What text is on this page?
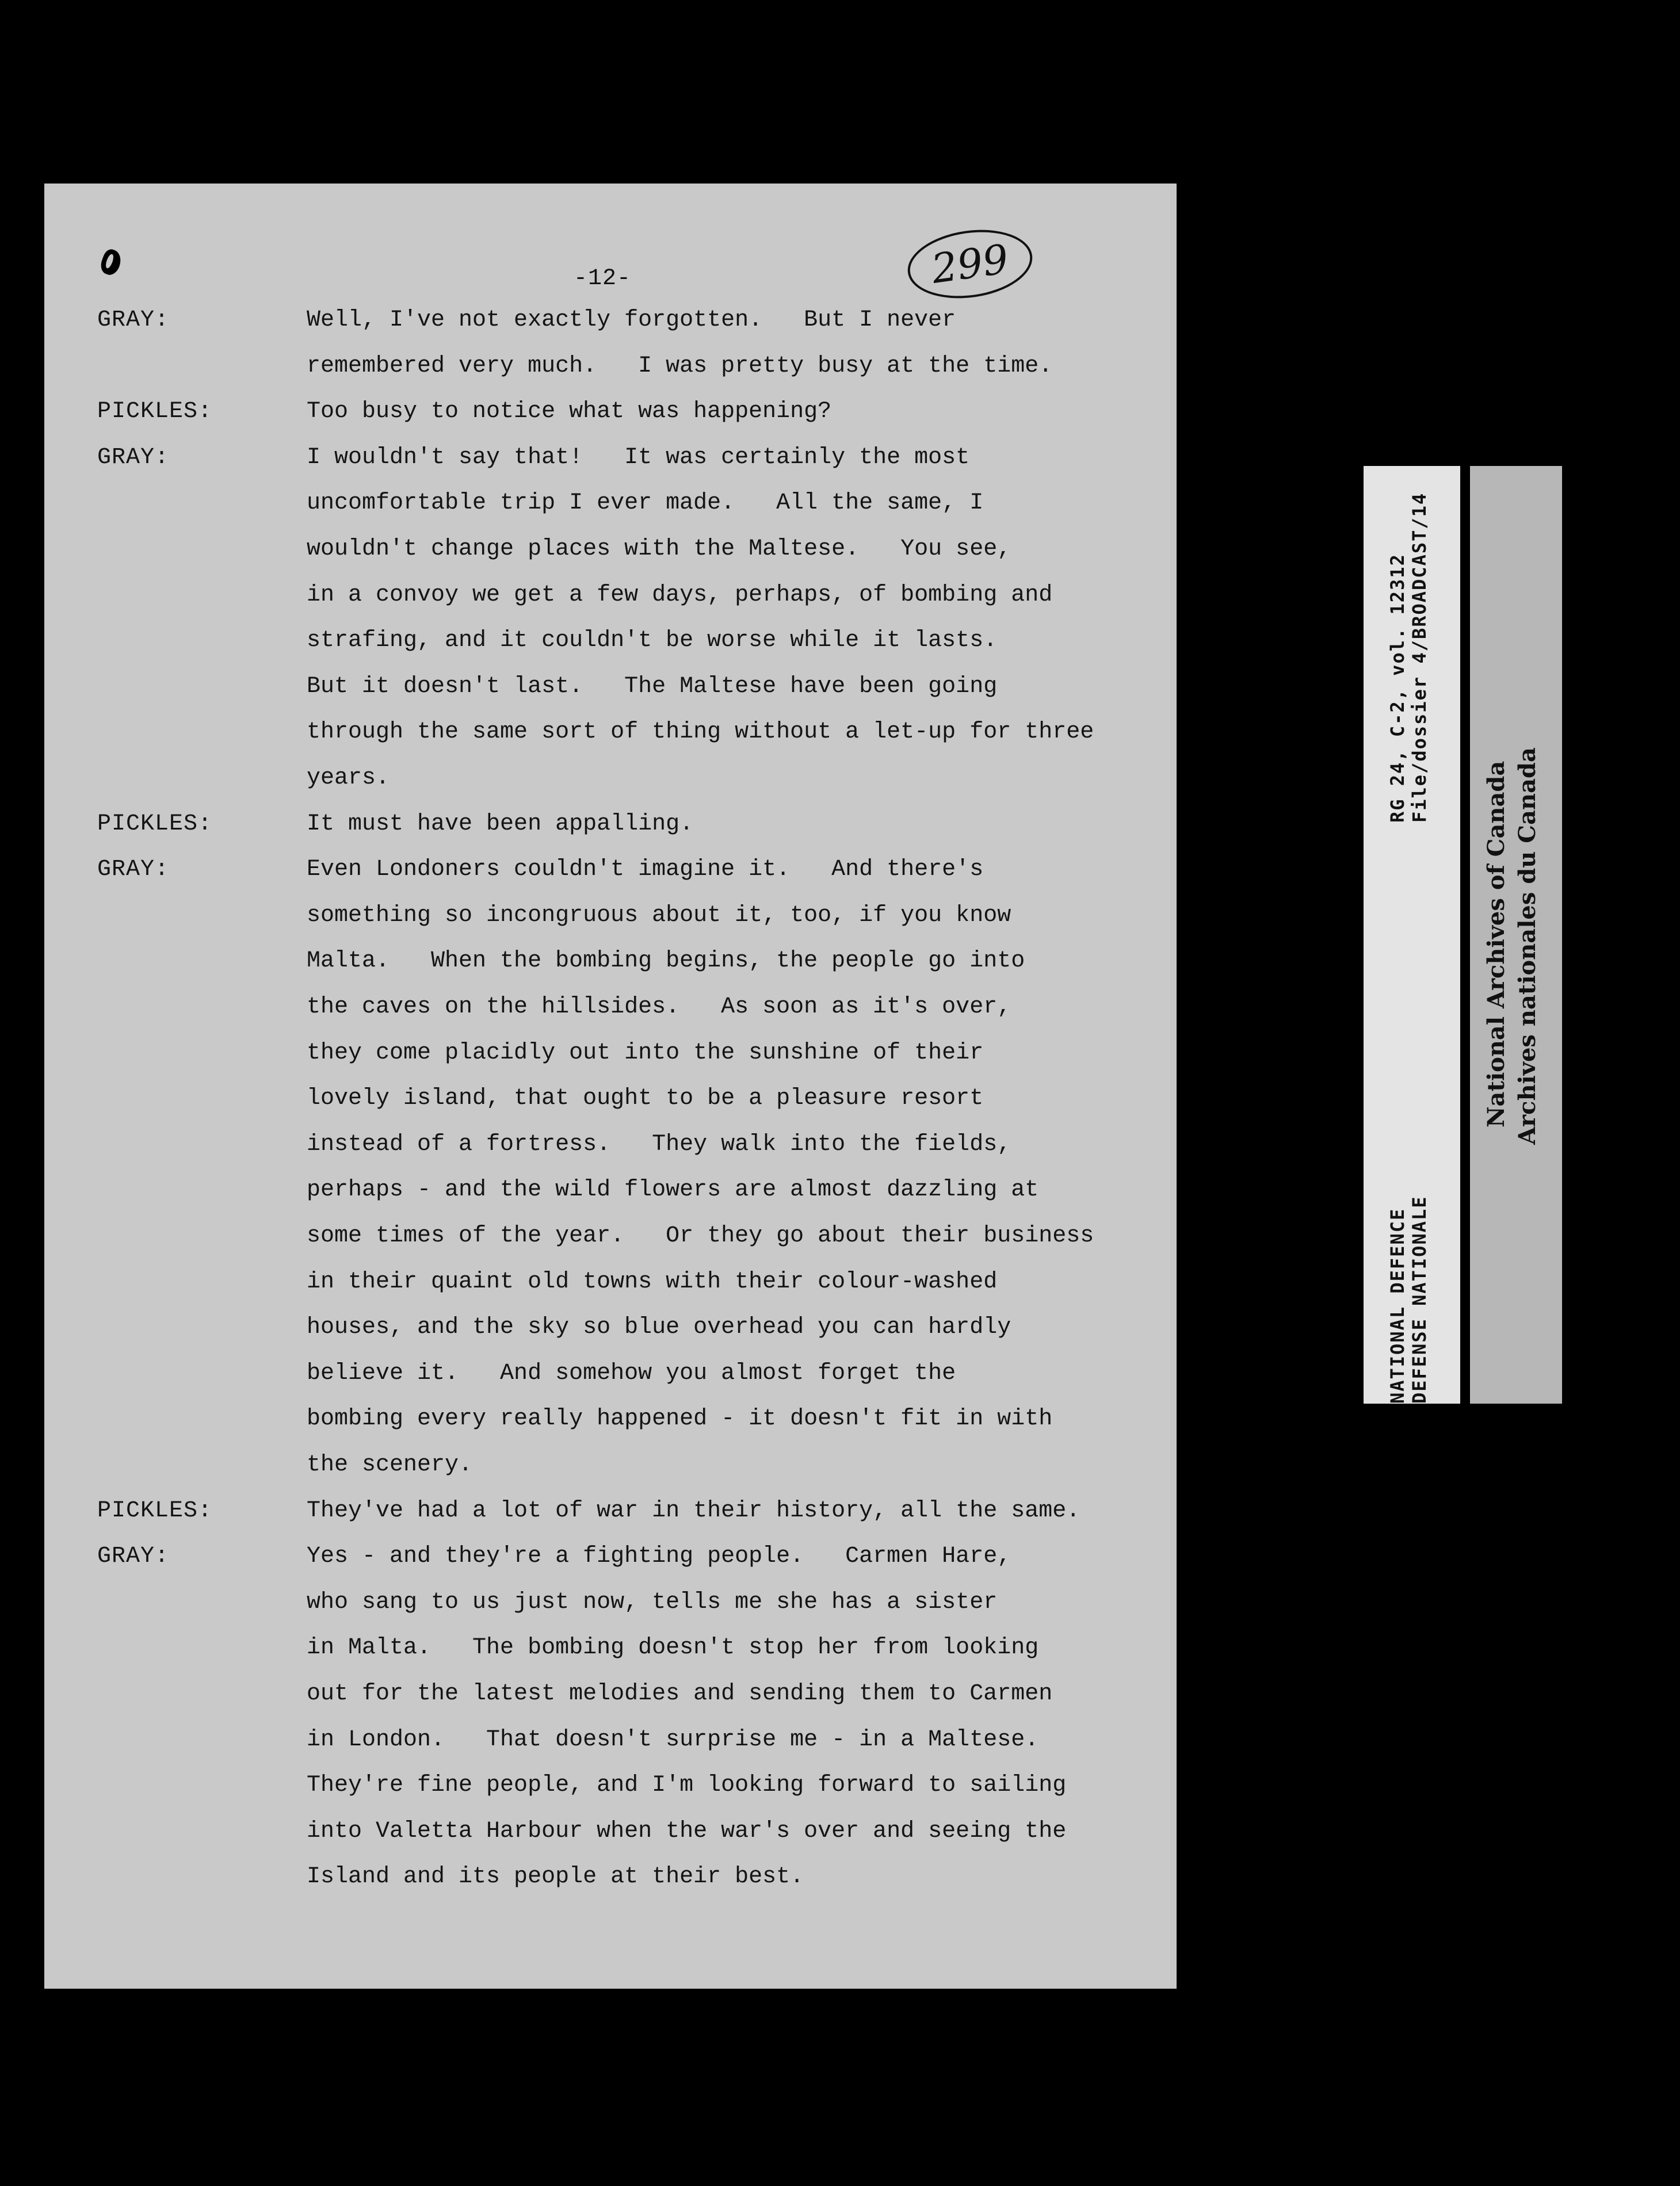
-12-	299
GRAY:	Well, I've not exactly forgotten.   But I never
remembered very much.   I was pretty busy at the time.
PICKLES:	Too busy to notice what was happening?
GRAY:	I wouldn't say that!   It was certainly the most
uncomfortable trip I ever made.   All the same, I
wouldn't change places with the Maltese.   You see,
in a convoy we get a few days, perhaps, of bombing and
strafing, and it couldn't be worse while it lasts.
But it doesn't last.   The Maltese have been going
through the same sort of thing without a let-up for three
years.
PICKLES:	It must have been appalling.
GRAY:	Even Londoners couldn't imagine it.   And there's
something so incongruous about it, too, if you know
Malta.   When the bombing begins, the people go into
the caves on the hillsides.   As soon as it's over,
they come placidly out into the sunshine of their
lovely island, that ought to be a pleasure resort
instead of a fortress.   They walk into the fields,
perhaps - and the wild flowers are almost dazzling at
some times of the year.   Or they go about their business
in their quaint old towns with their colour-washed
houses, and the sky so blue overhead you can hardly
believe it.   And somehow you almost forget the
bombing every really happened - it doesn't fit in with
the scenery.
PICKLES:	They've had a lot of war in their history, all the same.
GRAY:	Yes - and they're a fighting people.   Carmen Hare,
who sang to us just now, tells me she has a sister
in Malta.   The bombing doesn't stop her from looking
out for the latest melodies and sending them to Carmen
in London.   That doesn't surprise me - in a Maltese.
They're fine people, and I'm looking forward to sailing
into Valetta Harbour when the war's over and seeing the
Island and its people at their best.
NATIONAL DEFENCE DEFENSE NATIONALE
RG 24, C-2, vol. 12312 File/dossier 4/BROADCAST/14
National Archives of Canada Archives nationales du Canada
